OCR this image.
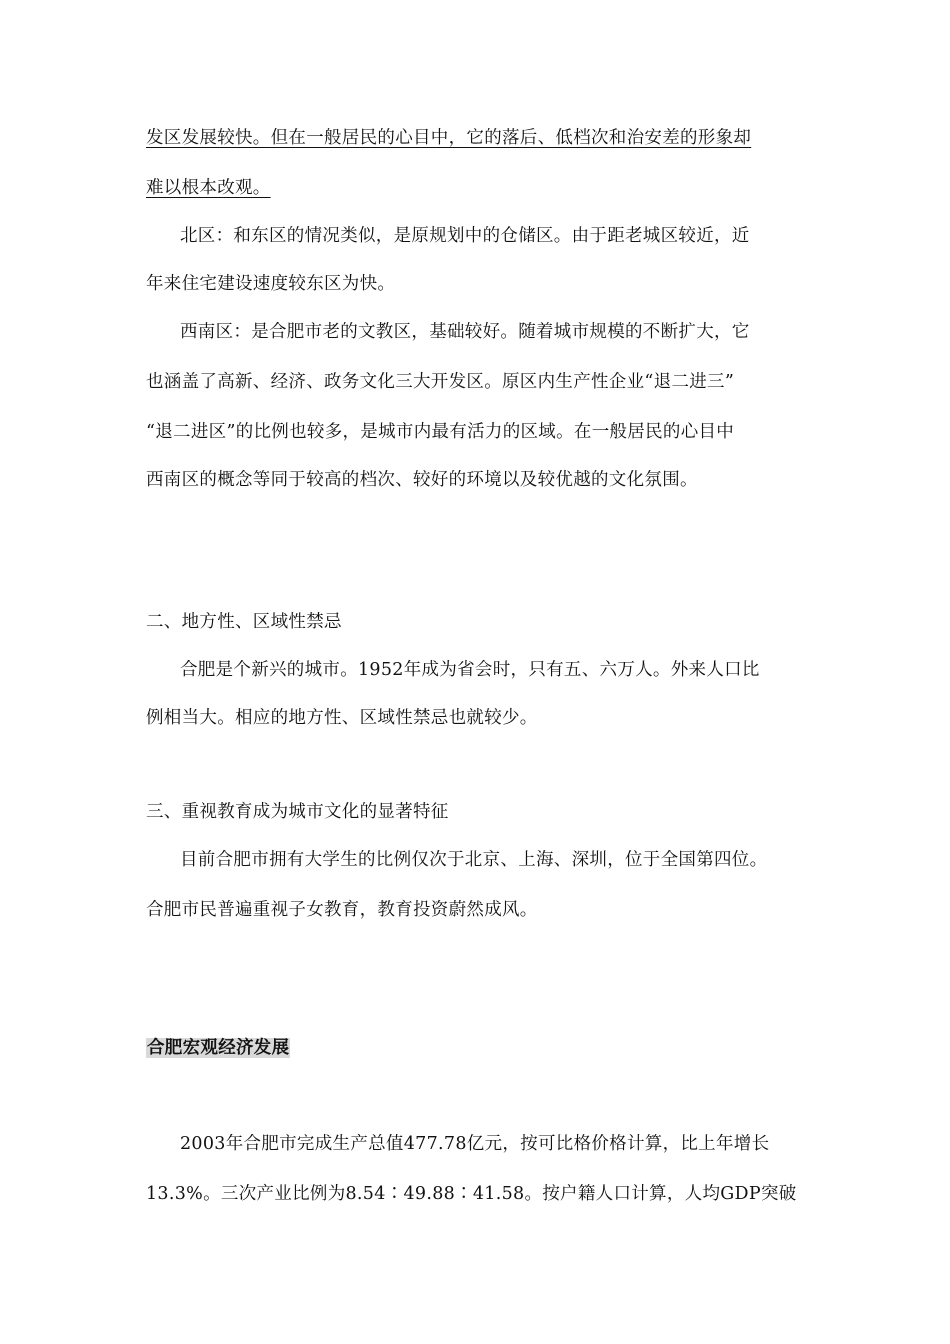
发区发展较快。但在一般居民的心目中，它的落后、低档次和治安差的形象却
难以根本改观。
北区：和东区的情况类似，是原规划中的仓储区。由于距老城区较近，近
年来住宅建设速度较东区为快。
西南区：是合肥市老的文教区，基础较好。随着城市规模的不断扩大，它
也涵盖了高新、经济、政务文化三大开发区。原区内生产性企业“退二进三”
“退二进区”的比例也较多，是城市内最有活力的区域。在一般居民的心目中
西南区的概念等同于较高的档次、较好的环境以及较优越的文化氛围。
二、地方性、区域性禁忌
合肥是个新兴的城市。1952年成为省会时，只有五、六万人。外来人口比
例相当大。相应的地方性、区域性禁忌也就较少。
三、重视教育成为城市文化的显著特征
目前合肥市拥有大学生的比例仅次于北京、上海、深圳，位于全国第四位。
合肥市民普遍重视子女教育，教育投资蔚然成风。
合肥宏观经济发展
2003年合肥市完成生产总值477.78亿元，按可比格价格计算，比上年增长
13.3%。三次产业比例为8.54∶49.88∶41.58。按户籍人口计算，人均GDP突破
